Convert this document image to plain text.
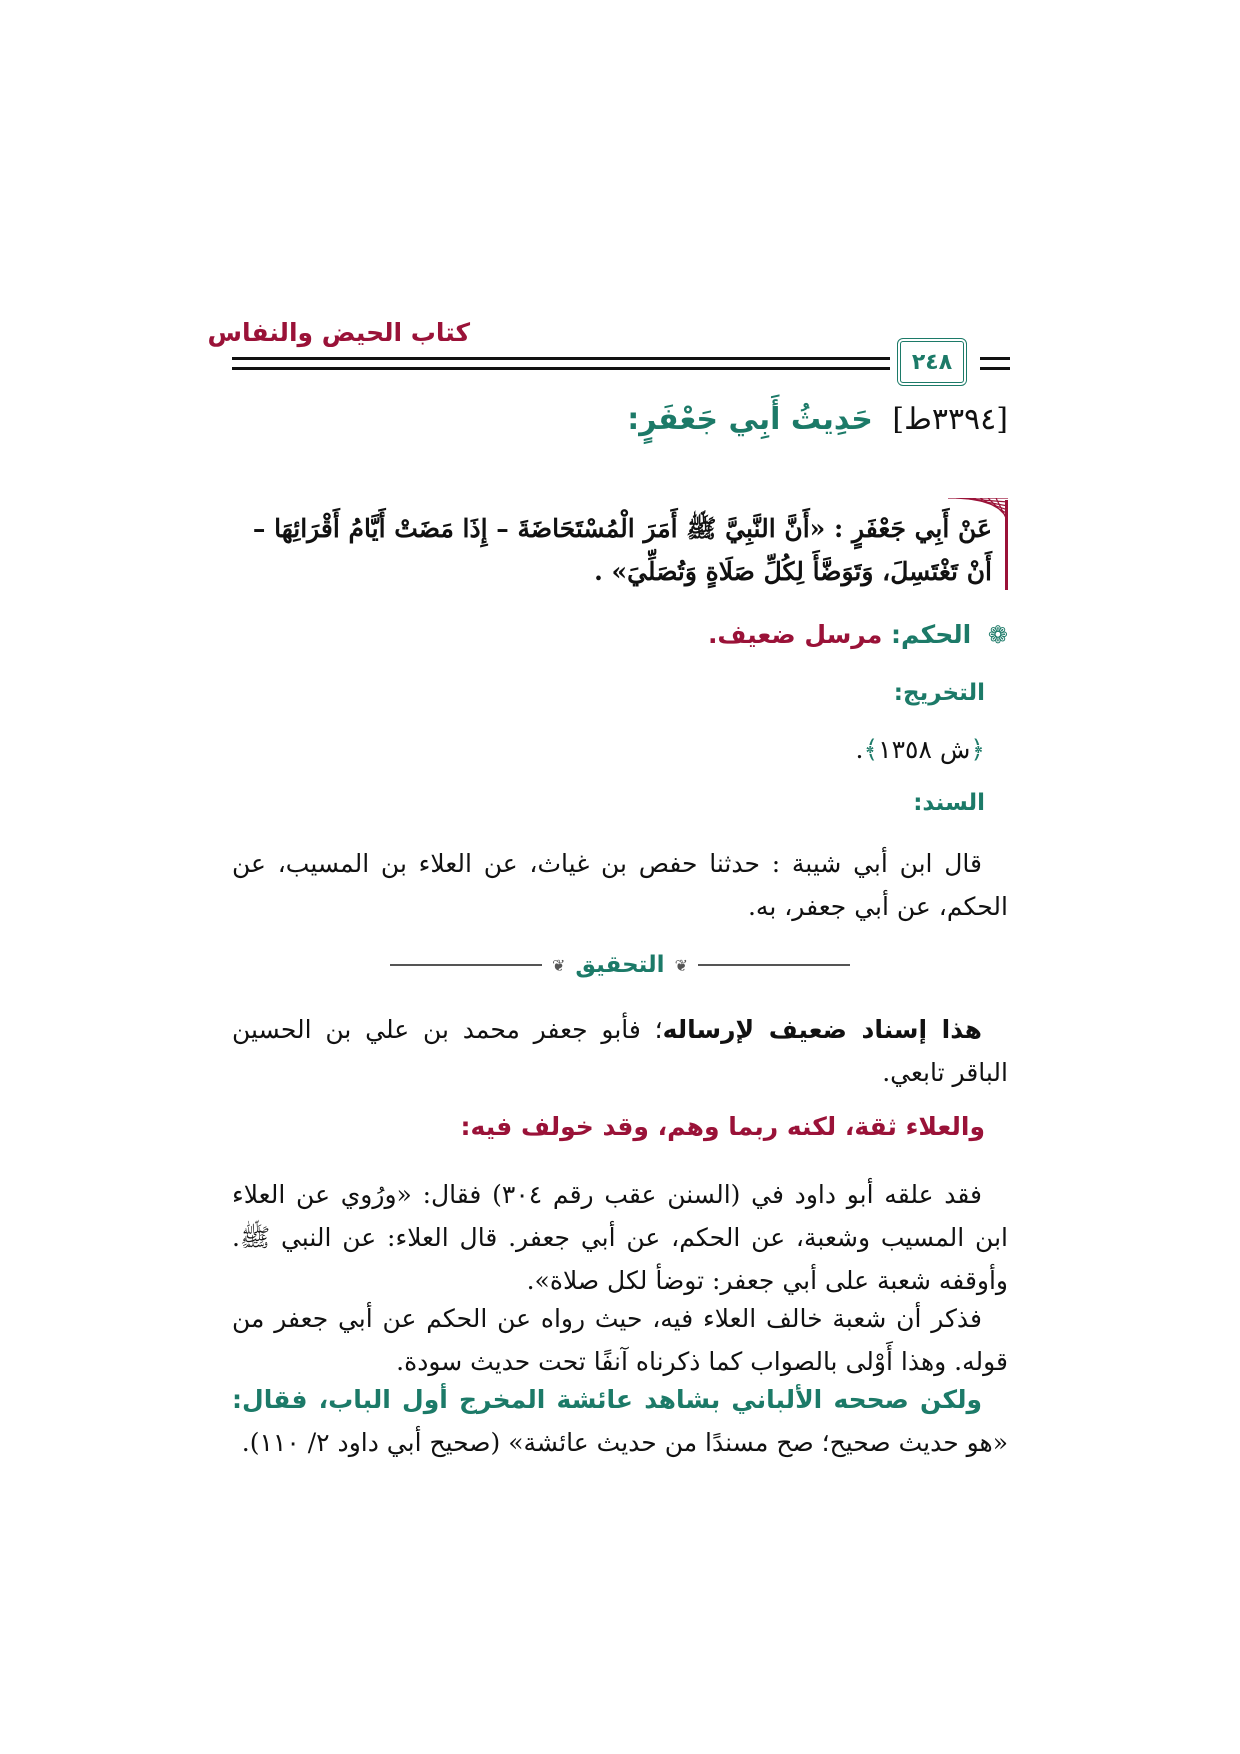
كتاب الحيض والنفاس
٢٤٨
[٣٣٩٤ط] حَدِيثُ أَبِي جَعْفَرٍ:
عَنْ أَبِي جَعْفَرٍ : «أَنَّ النَّبِيَّ ﷺ أَمَرَ الْمُسْتَحَاضَةَ – إِذَا مَضَتْ أَيَّامُ أَقْرَائِهَا –
أَنْ تَغْتَسِلَ، وَتَوَضَّأَ لِكُلِّ صَلَاةٍ وَتُصَلِّيَ» .
❁ الحكم: مرسل ضعيف.
التخريج:
﴿ش ١٣٥٨﴾.
السند:
قال ابن أبي شيبة : حدثنا حفص بن غياث، عن العلاء بن المسيب، عن الحكم، عن أبي جعفر، به.
❦
التحقيق
❦
هذا إسناد ضعيف لإرساله؛ فأبو جعفر محمد بن علي بن الحسين الباقر تابعي.
والعلاء ثقة، لكنه ربما وهم، وقد خولف فيه:
فقد علقه أبو داود في (السنن عقب رقم ٣٠٤) فقال: «ورُوي عن العلاء ابن المسيب وشعبة، عن الحكم، عن أبي جعفر. قال العلاء: عن النبي ﷺ. وأوقفه شعبة على أبي جعفر: توضأ لكل صلاة».
فذكر أن شعبة خالف العلاء فيه، حيث رواه عن الحكم عن أبي جعفر من قوله. وهذا أَوْلى بالصواب كما ذكرناه آنفًا تحت حديث سودة.
ولكن صححه الألباني بشاهد عائشة المخرج أول الباب، فقال: «هو حديث صحيح؛ صح مسندًا من حديث عائشة» (صحيح أبي داود ٢/ ١١٠).
